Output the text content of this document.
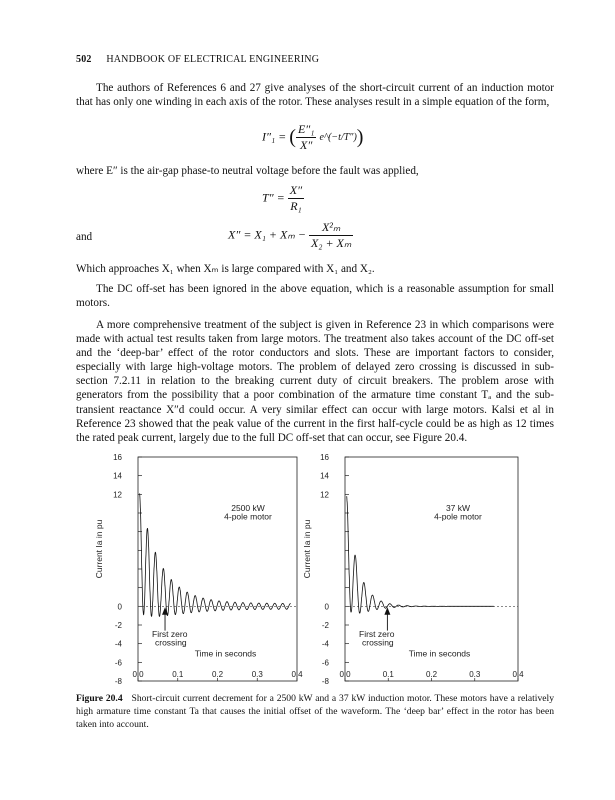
502 HANDBOOK OF ELECTRICAL ENGINEERING

The authors of References 6 and 27 give analyses of the short-circuit current of an induction motor that has only one winding in each axis of the rotor. These analyses result in a simple equation of the form,

I″₁ = ( $\frac{\text{E″₁}}{X''}$ e^(−t/T″))
where E″ is the air-gap phase-to neutral voltage before the fault was applied,
$T'' = \frac{X''}{\text{R₁}}$
and	$X'' = X_1 + X_m - \frac{\text{X²ₘ}}{\text{X₂ + Xₘ}}$
Which approaches X₁ when Xₘ is large compared with X₁ and X₂.

The DC off-set has been ignored in the above equation, which is a reasonable assumption for small motors.

A more comprehensive treatment of the subject is given in Reference 23 in which comparisons were made with actual test results taken from large motors. The treatment also takes account of the DC off-set and the ‘deep-bar’ effect of the rotor conductors and slots. These are important factors to consider, especially with large high-voltage motors. The problem of delayed zero crossing is discussed in sub-section 7.2.11 in relation to the breaking current duty of circuit breakers. The problem arose with generators from the possibility that a poor combination of the armature time constant Tₐ and the sub-transient reactance X″d could occur. A very similar effect can occur with large motors. Kalsi et al in Reference 23 showed that the peak value of the current in the first half-cycle could be as high as 12 times the rated peak current, largely due to the full DC off-set that can occur, see Figure 20.4.

16
14
12
0
-2
-4
-6
-8
0.0	0.1	0.2	0.3	0.4
Current Ia in pu
2500 kW
4-pole motor
First zero
crossing
Time in seconds
16
14
12
0
-2
-4
-6
-8
0.0	0.1	0.2	0.3	0.4
Current Ia in pu
37 kW
4-pole motor
First zero
crossing
Time in seconds
Figure 20.4 Short-circuit current decrement for a 2500 kW and a 37 kW induction motor. These motors have a relatively high armature time constant Ta that causes the initial offset of the waveform. The ‘deep bar’ effect in the rotor has been taken into account.
